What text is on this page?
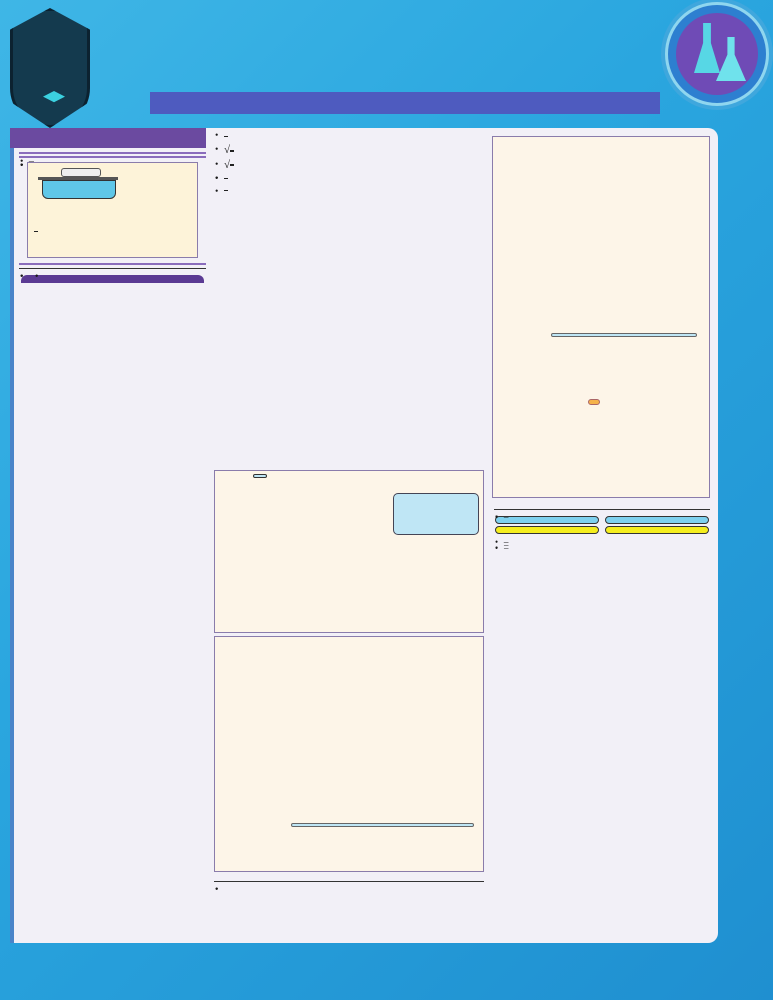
√
√

–
